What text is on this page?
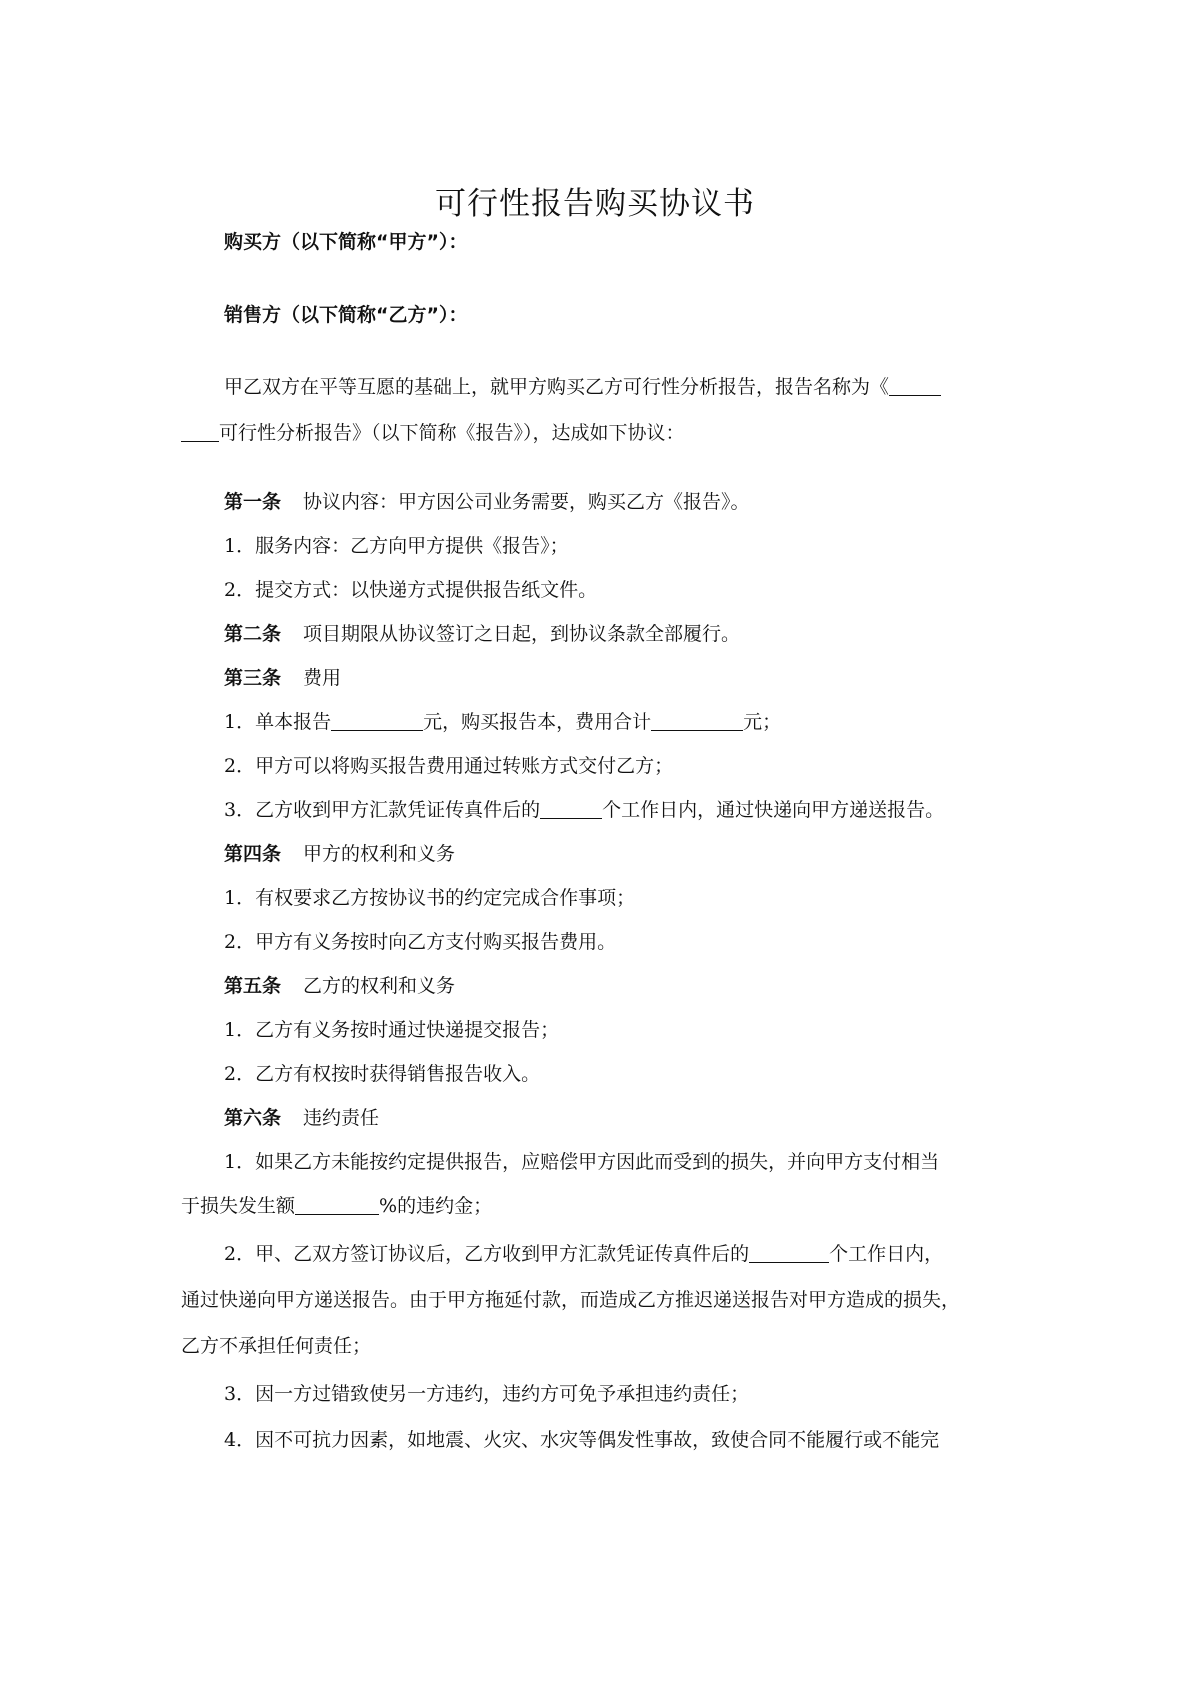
可行性报告购买协议书
购买方（以下简称“甲方”）：
销售方（以下简称“乙方”）：
甲乙双方在平等互愿的基础上，就甲方购买乙方可行性分析报告，报告名称为《
可行性分析报告》（以下简称《报告》），达成如下协议：
第一条 协议内容：甲方因公司业务需要，购买乙方《报告》。
1．服务内容：乙方向甲方提供《报告》；
2．提交方式：以快递方式提供报告纸文件。
第二条 项目期限从协议签订之日起，到协议条款全部履行。
第三条 费用
1．单本报告	元，购买报告本，费用合计	元；
2．甲方可以将购买报告费用通过转账方式交付乙方；
3．乙方收到甲方汇款凭证传真件后的	个工作日内，通过快递向甲方递送报告。
第四条 甲方的权利和义务
1．有权要求乙方按协议书的约定完成合作事项；
2．甲方有义务按时向乙方支付购买报告费用。
第五条 乙方的权利和义务
1．乙方有义务按时通过快递提交报告；
2．乙方有权按时获得销售报告收入。
第六条 违约责任
1．如果乙方未能按约定提供报告，应赔偿甲方因此而受到的损失，并向甲方支付相当
于损失发生额	%的违约金；
2．甲、乙双方签订协议后，乙方收到甲方汇款凭证传真件后的	个工作日内，
通过快递向甲方递送报告。由于甲方拖延付款，而造成乙方推迟递送报告对甲方造成的损失，
乙方不承担任何责任；
3．因一方过错致使另一方违约，违约方可免予承担违约责任；
4．因不可抗力因素，如地震、火灾、水灾等偶发性事故，致使合同不能履行或不能完
